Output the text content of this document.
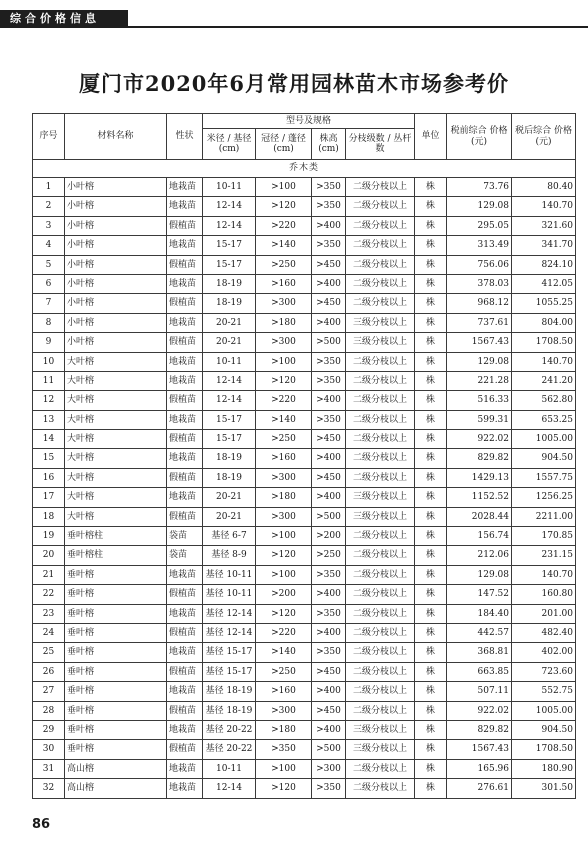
综合价格信息
厦门市2020年6月常用园林苗木市场参考价
序号	材料名称	性状	型号及规格				单位	税前综合 价格(元)	税后综合 价格(元)
			米径 / 基径 (cm)	冠径 / 蓬径 (cm)	株高 (cm)	分枝级数 / 丛杆数			
乔木类									
1	小叶榕	地栽苗	10-11	>100	>350	二级分枝以上	株	73.76	80.40
2	小叶榕	地栽苗	12-14	>120	>350	二级分枝以上	株	129.08	140.70
3	小叶榕	假植苗	12-14	>220	>400	二级分枝以上	株	295.05	321.60
4	小叶榕	地栽苗	15-17	>140	>350	二级分枝以上	株	313.49	341.70
5	小叶榕	假植苗	15-17	>250	>450	二级分枝以上	株	756.06	824.10
6	小叶榕	地栽苗	18-19	>160	>400	二级分枝以上	株	378.03	412.05
7	小叶榕	假植苗	18-19	>300	>450	二级分枝以上	株	968.12	1055.25
8	小叶榕	地栽苗	20-21	>180	>400	三级分枝以上	株	737.61	804.00
9	小叶榕	假植苗	20-21	>300	>500	三级分枝以上	株	1567.43	1708.50
10	大叶榕	地栽苗	10-11	>100	>350	二级分枝以上	株	129.08	140.70
11	大叶榕	地栽苗	12-14	>120	>350	二级分枝以上	株	221.28	241.20
12	大叶榕	假植苗	12-14	>220	>400	二级分枝以上	株	516.33	562.80
13	大叶榕	地栽苗	15-17	>140	>350	二级分枝以上	株	599.31	653.25
14	大叶榕	假植苗	15-17	>250	>450	二级分枝以上	株	922.02	1005.00
15	大叶榕	地栽苗	18-19	>160	>400	二级分枝以上	株	829.82	904.50
16	大叶榕	假植苗	18-19	>300	>450	二级分枝以上	株	1429.13	1557.75
17	大叶榕	地栽苗	20-21	>180	>400	三级分枝以上	株	1152.52	1256.25
18	大叶榕	假植苗	20-21	>300	>500	三级分枝以上	株	2028.44	2211.00
19	垂叶榕柱	袋苗	基径 6-7	>100	>200	二级分枝以上	株	156.74	170.85
20	垂叶榕柱	袋苗	基径 8-9	>120	>250	二级分枝以上	株	212.06	231.15
21	垂叶榕	地栽苗	基径 10-11	>100	>350	二级分枝以上	株	129.08	140.70
22	垂叶榕	假植苗	基径 10-11	>200	>400	二级分枝以上	株	147.52	160.80
23	垂叶榕	地栽苗	基径 12-14	>120	>350	二级分枝以上	株	184.40	201.00
24	垂叶榕	假植苗	基径 12-14	>220	>400	二级分枝以上	株	442.57	482.40
25	垂叶榕	地栽苗	基径 15-17	>140	>350	二级分枝以上	株	368.81	402.00
26	垂叶榕	假植苗	基径 15-17	>250	>450	二级分枝以上	株	663.85	723.60
27	垂叶榕	地栽苗	基径 18-19	>160	>400	二级分枝以上	株	507.11	552.75
28	垂叶榕	假植苗	基径 18-19	>300	>450	二级分枝以上	株	922.02	1005.00
29	垂叶榕	地栽苗	基径 20-22	>180	>400	三级分枝以上	株	829.82	904.50
30	垂叶榕	假植苗	基径 20-22	>350	>500	三级分枝以上	株	1567.43	1708.50
31	高山榕	地栽苗	10-11	>100	>300	二级分枝以上	株	165.96	180.90
32	高山榕	地栽苗	12-14	>120	>350	二级分枝以上	株	276.61	301.50
86
